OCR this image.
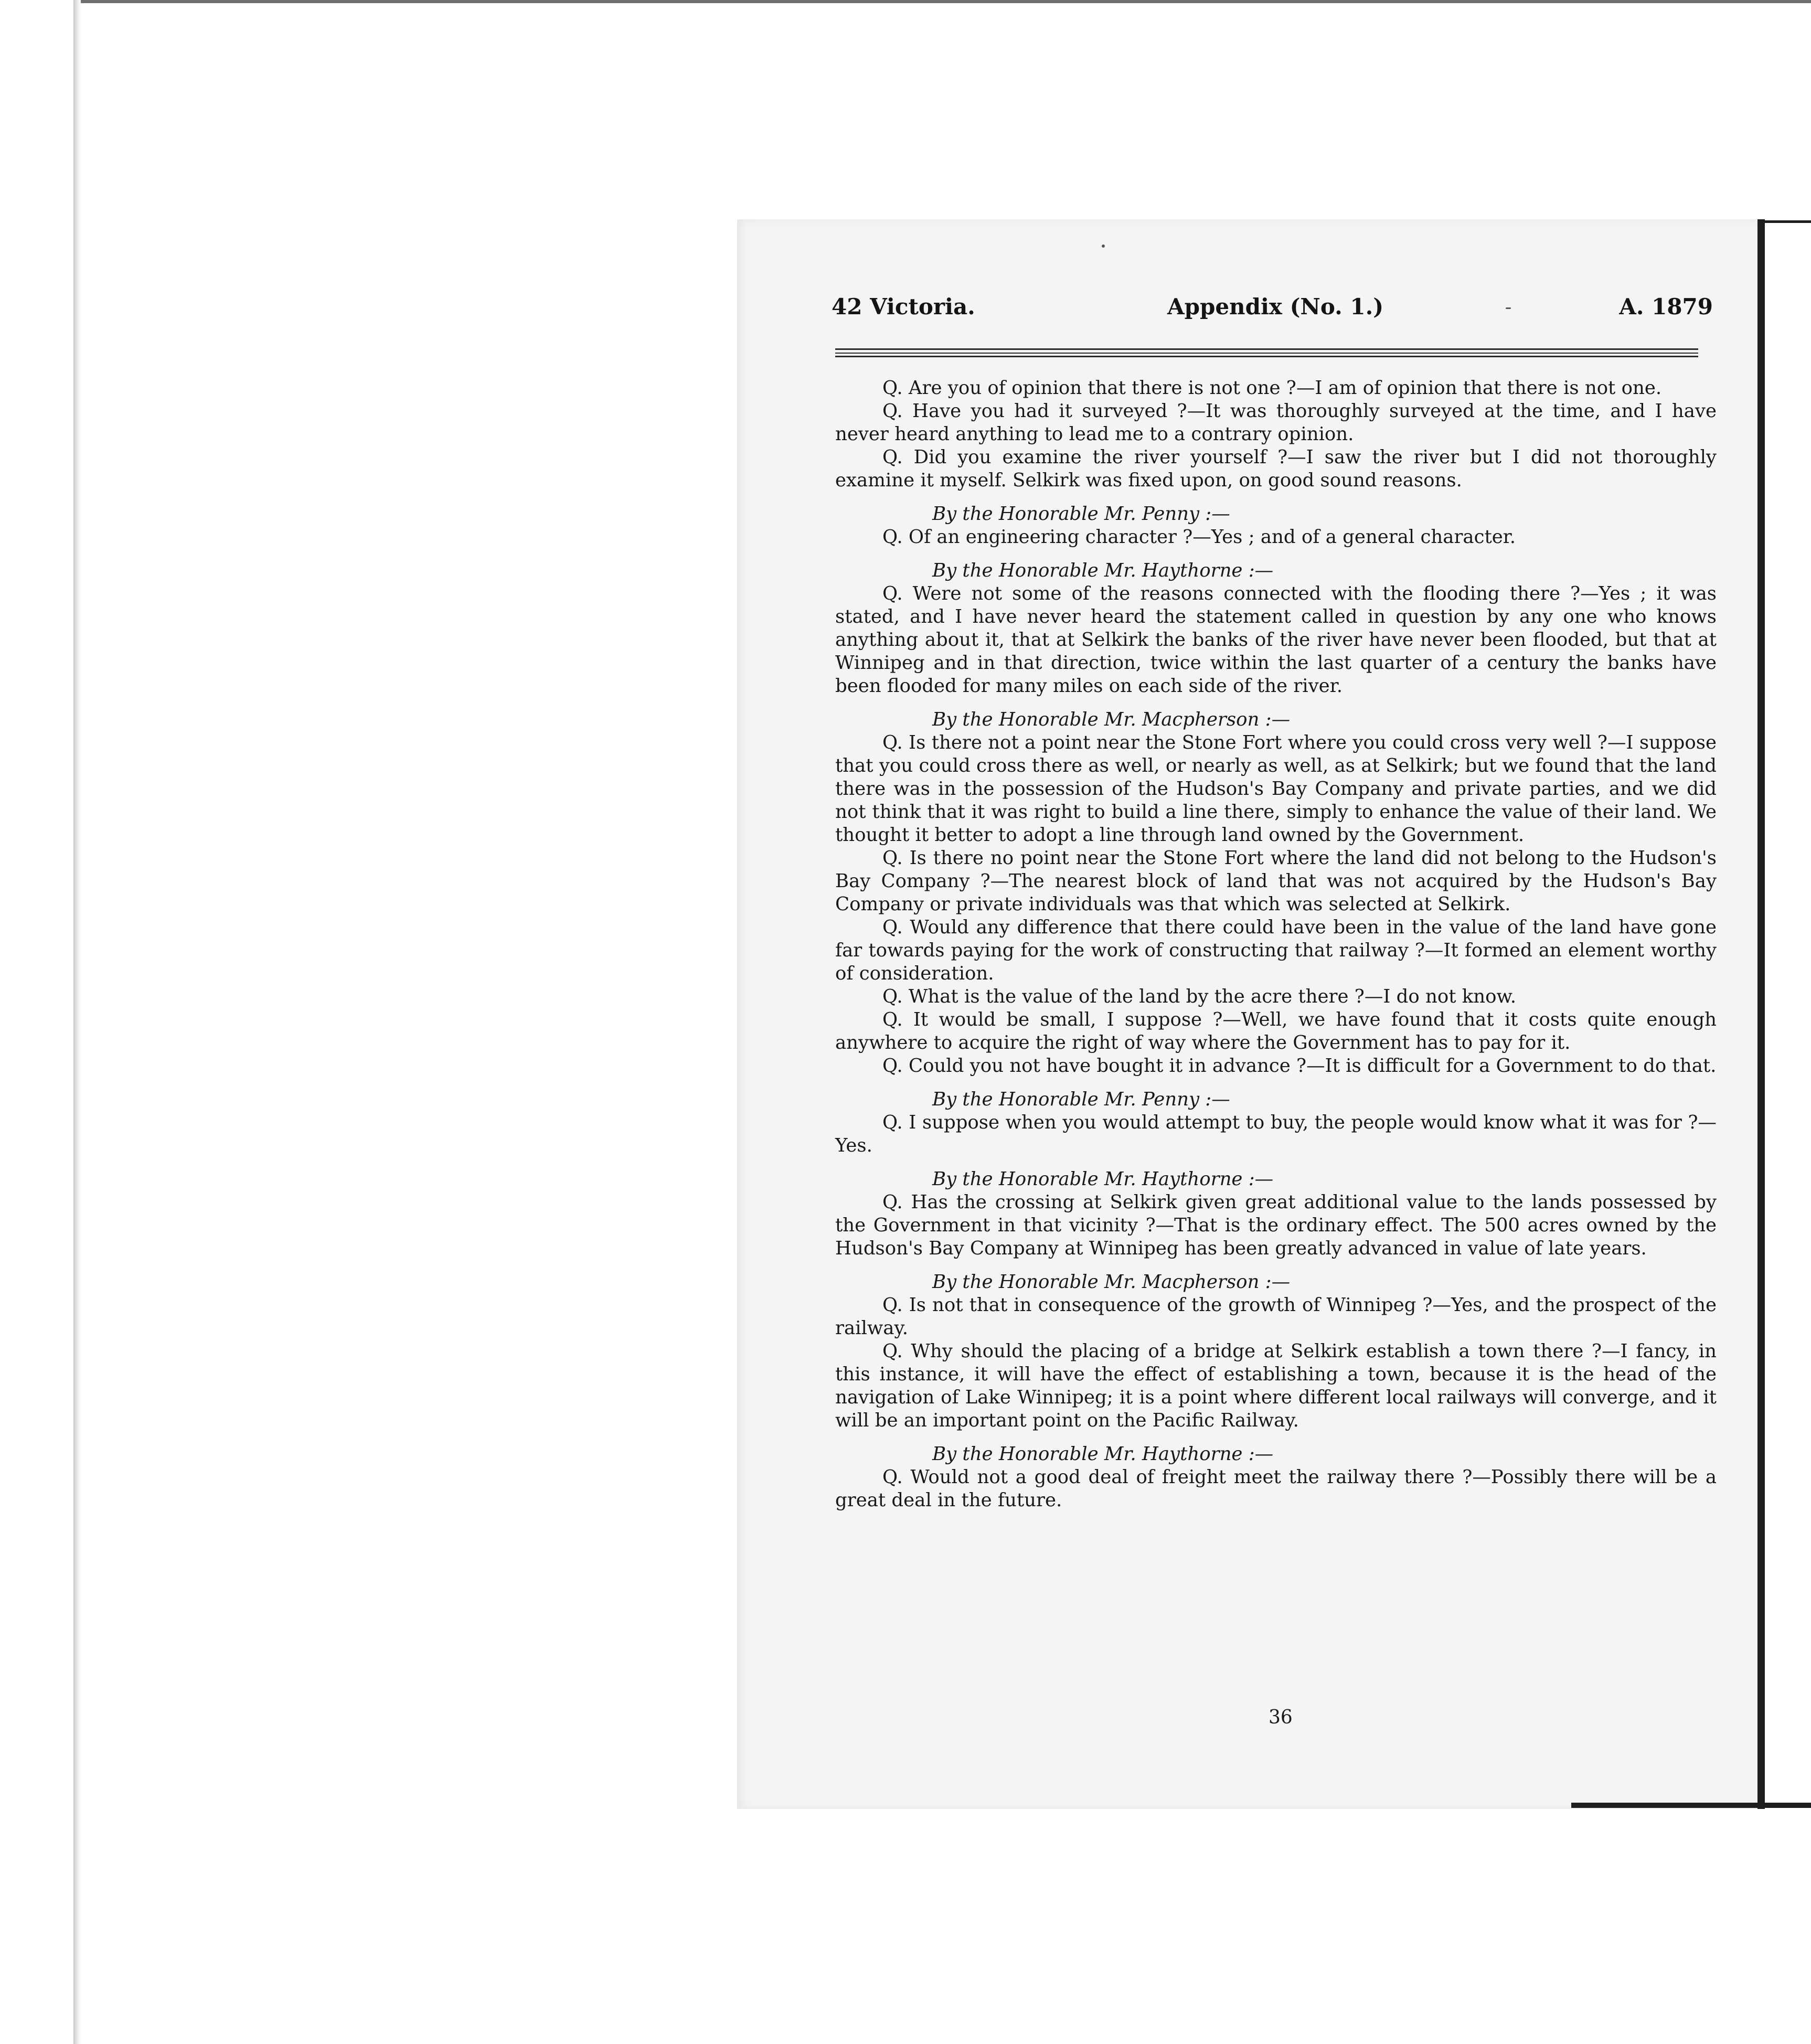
42 Victoria.	Appendix (No. 1.)	A. 1879

Q. Are you of opinion that there is not one ?—I am of opinion that there is not one.

Q. Have you had it surveyed ?—It was thoroughly surveyed at the time, and I have never heard anything to lead me to a contrary opinion.

Q. Did you examine the river yourself ?—I saw the river but I did not thoroughly examine it myself. Selkirk was fixed upon, on good sound reasons.

By the Honorable Mr. Penny :—

Q. Of an engineering character ?—Yes ; and of a general character.

By the Honorable Mr. Haythorne :—

Q. Were not some of the reasons connected with the flooding there ?—Yes ; it was stated, and I have never heard the statement called in question by any one who knows anything about it, that at Selkirk the banks of the river have never been flooded, but that at Winnipeg and in that direction, twice within the last quarter of a century the banks have been flooded for many miles on each side of the river.

By the Honorable Mr. Macpherson :—

Q. Is there not a point near the Stone Fort where you could cross very well ?—I suppose that you could cross there as well, or nearly as well, as at Selkirk; but we found that the land there was in the possession of the Hudson's Bay Company and private parties, and we did not think that it was right to build a line there, simply to enhance the value of their land. We thought it better to adopt a line through land owned by the Government.

Q. Is there no point near the Stone Fort where the land did not belong to the Hudson's Bay Company ?—The nearest block of land that was not acquired by the Hudson's Bay Company or private individuals was that which was selected at Selkirk.

Q. Would any difference that there could have been in the value of the land have gone far towards paying for the work of constructing that railway ?—It formed an element worthy of consideration.

Q. What is the value of the land by the acre there ?—I do not know.

Q. It would be small, I suppose ?—Well, we have found that it costs quite enough anywhere to acquire the right of way where the Government has to pay for it.

Q. Could you not have bought it in advance ?—It is difficult for a Government to do that.

By the Honorable Mr. Penny :—

Q. I suppose when you would attempt to buy, the people would know what it was for ?—Yes.

By the Honorable Mr. Haythorne :—

Q. Has the crossing at Selkirk given great additional value to the lands possessed by the Government in that vicinity ?—That is the ordinary effect. The 500 acres owned by the Hudson's Bay Company at Winnipeg has been greatly advanced in value of late years.

By the Honorable Mr. Macpherson :—

Q. Is not that in consequence of the growth of Winnipeg ?—Yes, and the prospect of the railway.

Q. Why should the placing of a bridge at Selkirk establish a town there ?—I fancy, in this instance, it will have the effect of establishing a town, because it is the head of the navigation of Lake Winnipeg; it is a point where different local railways will converge, and it will be an important point on the Pacific Railway.

By the Honorable Mr. Haythorne :—

Q. Would not a good deal of freight meet the railway there ?—Possibly there will be a great deal in the future.

36
